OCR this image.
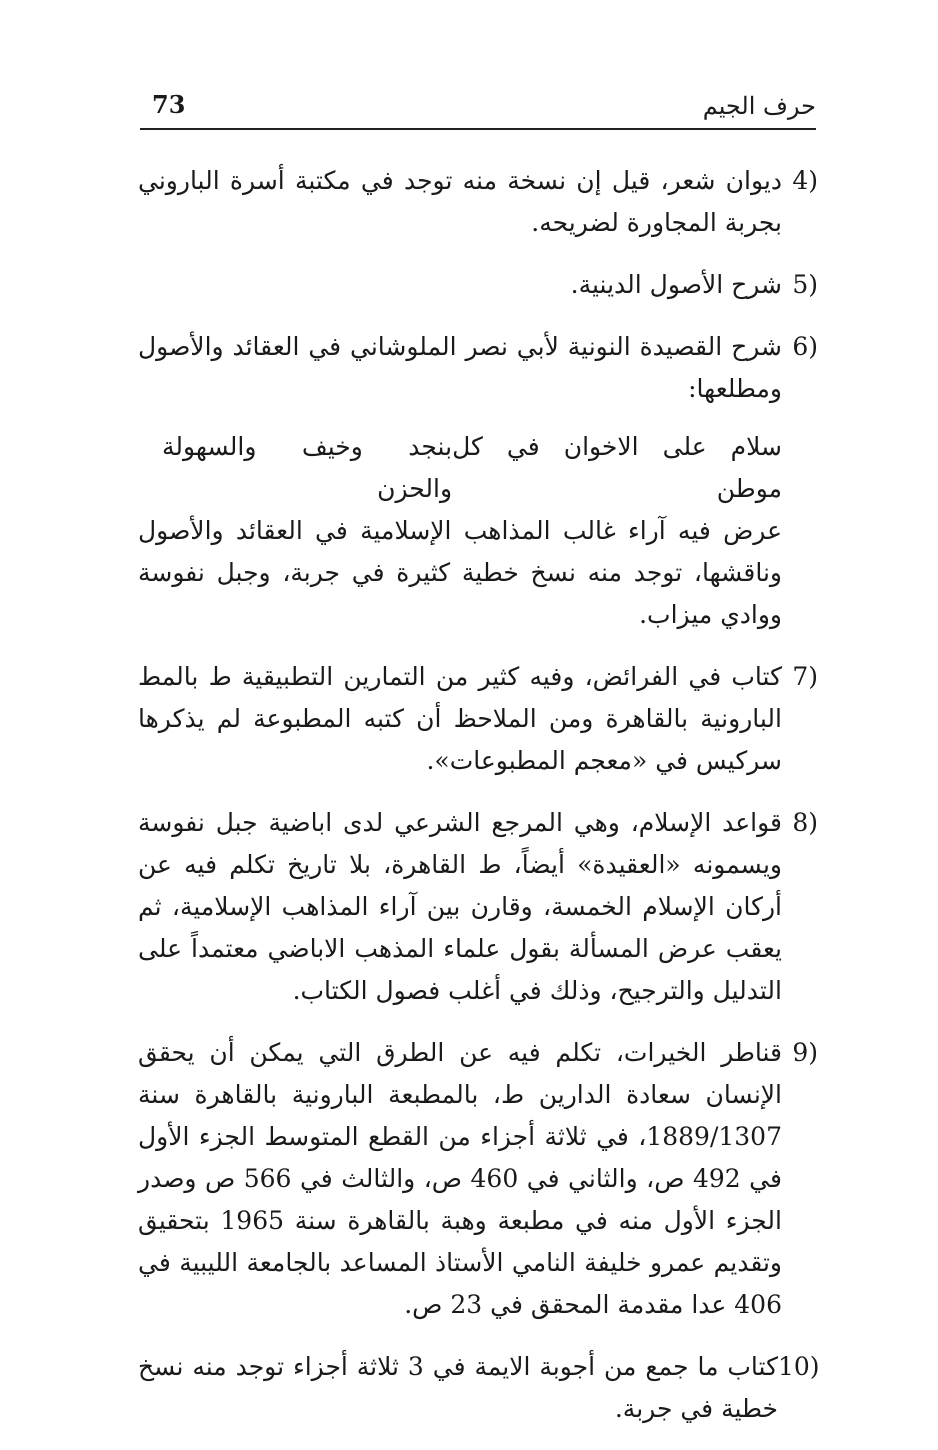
حرف الجيم
73
4)
ديوان شعر، قيل إن نسخة منه توجد في مكتبة أسرة الباروني بجربة المجاورة لضريحه.
5)
شرح الأصول الدينية.
6)
شرح القصيدة النونية لأبي نصر الملوشاني في العقائد والأصول ومطلعها:
سلام على الاخوان في كل موطن
بنجد وخيف والسهولة والحزن
عرض فيه آراء غالب المذاهب الإسلامية في العقائد والأصول وناقشها، توجد منه نسخ خطية كثيرة في جربة، وجبل نفوسة ووادي ميزاب.
7)
كتاب في الفرائض، وفيه كثير من التمارين التطبيقية ط بالمط البارونية بالقاهرة ومن الملاحظ أن كتبه المطبوعة لم يذكرها سركيس في «معجم المطبوعات».
8)
قواعد الإسلام، وهي المرجع الشرعي لدى اباضية جبل نفوسة ويسمونه «العقيدة» أيضاً، ط القاهرة، بلا تاريخ تكلم فيه عن أركان الإسلام الخمسة، وقارن بين آراء المذاهب الإسلامية، ثم يعقب عرض المسألة بقول علماء المذهب الاباضي معتمداً على التدليل والترجيح، وذلك في أغلب فصول الكتاب.
9)
قناطر الخيرات، تكلم فيه عن الطرق التي يمكن أن يحقق الإنسان سعادة الدارين ط، بالمطبعة البارونية بالقاهرة سنة 1889/1307، في ثلاثة أجزاء من القطع المتوسط الجزء الأول في 492 ص، والثاني في 460 ص، والثالث في 566 ص وصدر الجزء الأول منه في مطبعة وهبة بالقاهرة سنة 1965 بتحقيق وتقديم عمرو خليفة النامي الأستاذ المساعد بالجامعة الليبية في 406 عدا مقدمة المحقق في 23 ص.
10)
كتاب ما جمع من أجوبة الايمة في 3 ثلاثة أجزاء توجد منه نسخ خطية في جربة.
